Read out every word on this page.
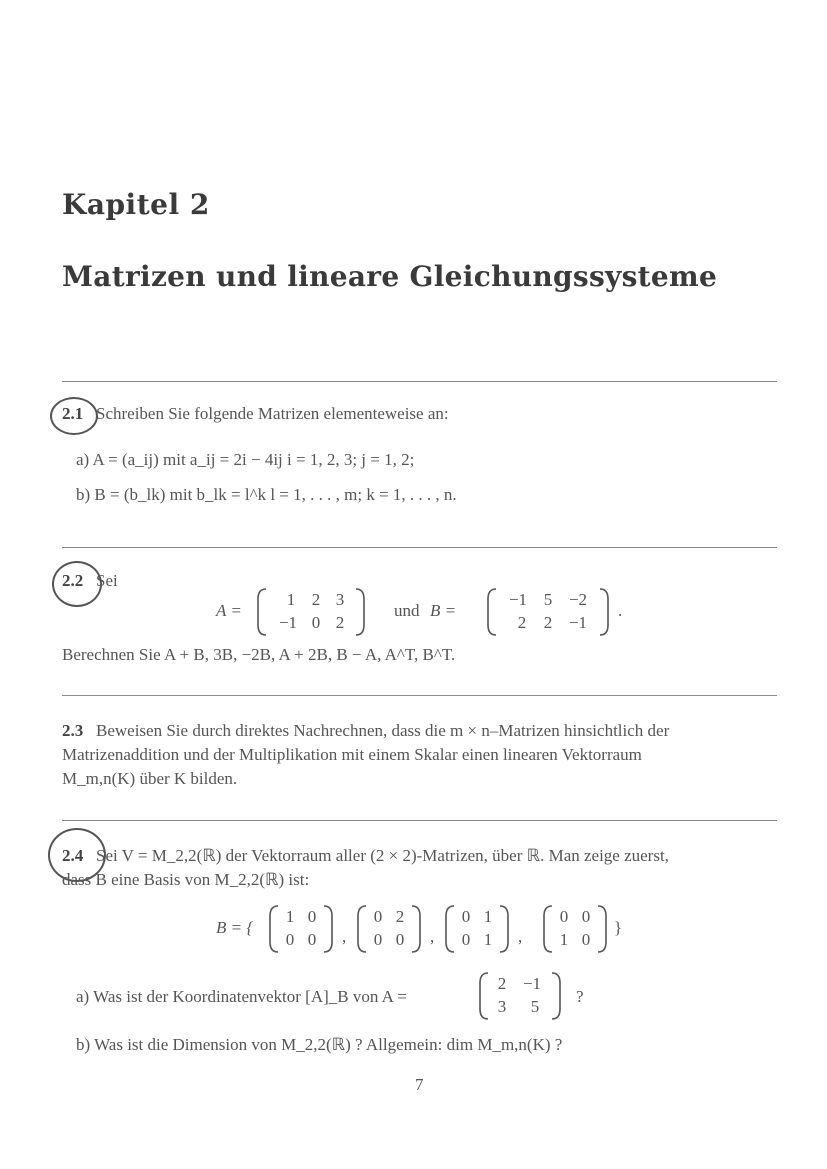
Kapitel 2
Matrizen und lineare Gleichungssysteme
2.1 Schreiben Sie folgende Matrizen elementeweise an:
a) A = (a_ij) mit a_ij = 2i − 4ij i = 1, 2, 3; j = 1, 2;
b) B = (b_lk) mit b_lk = l^k l = 1, . . . , m; k = 1, . . . , n.
2.2 Sei
A =
1 2 3
−1 0 2
und B =
−1 5 −2
2	2 −1
.
Berechnen Sie A + B, 3B, −2B, A + 2B, B − A, A^T, B^T.
2.3 Beweisen Sie durch direktes Nachrechnen, dass die m × n–Matrizen hinsichtlich der
Matrizenaddition und der Multiplikation mit einem Skalar einen linearen Vektorraum
M_m,n(K) über K bilden.
2.4 Sei V = M_2,2(ℝ) der Vektorraum aller (2 × 2)-Matrizen, über ℝ. Man zeige zuerst,
dass B eine Basis von M_2,2(ℝ) ist:
B = {
1 0
0 0	,
0 2
0 0	,
0 1
0 1	,
0 0
1 0
}
a) Was ist der Koordinatenvektor [A]_B von A =
2 −1
3	5
?
b) Was ist die Dimension von M_2,2(ℝ) ? Allgemein: dim M_m,n(K) ?
7
